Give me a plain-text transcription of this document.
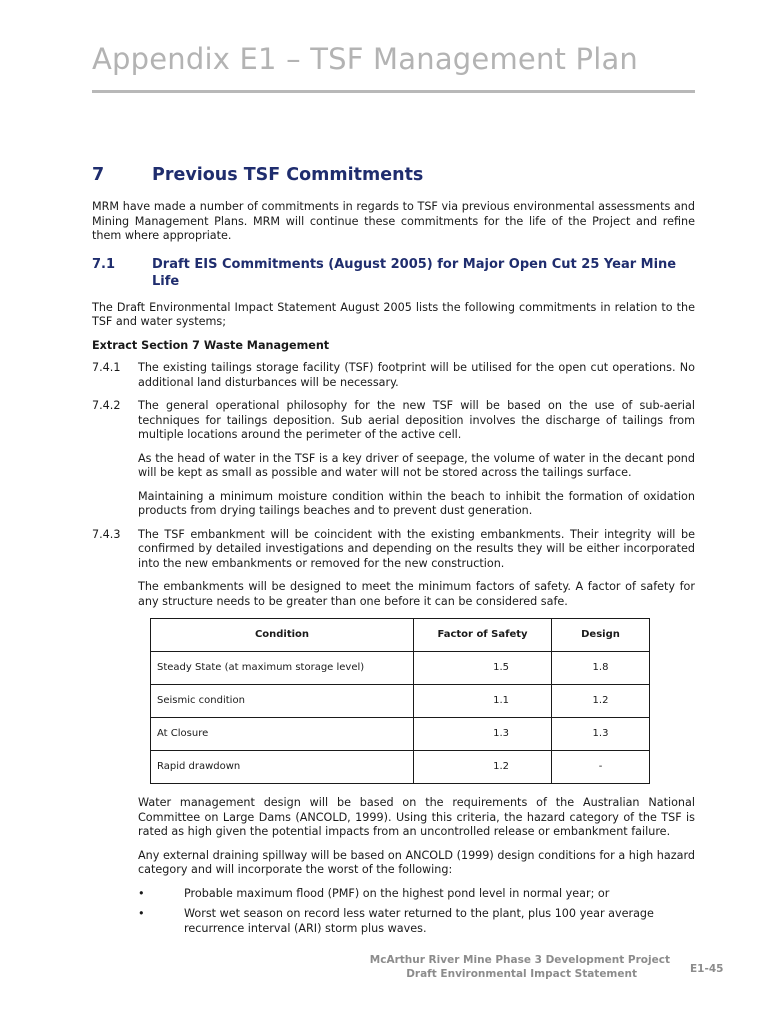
Appendix E1 – TSF Management Plan
7	Previous TSF Commitments

MRM have made a number of commitments in regards to TSF via previous environmental assessments and Mining Management Plans. MRM will continue these commitments for the life of the Project and refine them where appropriate.

7.1	Draft EIS Commitments (August 2005) for Major Open Cut 25 Year Mine Life

The Draft Environmental Impact Statement August 2005 lists the following commitments in relation to the TSF and water systems;

Extract Section 7 Waste Management
7.4.1	The existing tailings storage facility (TSF) footprint will be utilised for the open cut operations. No additional land disturbances will be necessary.

7.4.2	The general operational philosophy for the new TSF will be based on the use of sub-aerial techniques for tailings deposition. Sub aerial deposition involves the discharge of tailings from multiple locations around the perimeter of the active cell.

As the head of water in the TSF is a key driver of seepage, the volume of water in the decant pond will be kept as small as possible and water will not be stored across the tailings surface.

Maintaining a minimum moisture condition within the beach to inhibit the formation of oxidation products from drying tailings beaches and to prevent dust generation.

7.4.3	The TSF embankment will be coincident with the existing embankments. Their integrity will be confirmed by detailed investigations and depending on the results they will be either incorporated into the new embankments or removed for the new construction.

The embankments will be designed to meet the minimum factors of safety. A factor of safety for any structure needs to be greater than one before it can be considered safe.

Condition	Factor of Safety	Design
Steady State (at maximum storage level)	1.5	1.8
Seismic condition	1.1	1.2
At Closure	1.3	1.3
Rapid drawdown	1.2	-

Water management design will be based on the requirements of the Australian National Committee on Large Dams (ANCOLD, 1999). Using this criteria, the hazard category of the TSF is rated as high given the potential impacts from an uncontrolled release or embankment failure.

Any external draining spillway will be based on ANCOLD (1999) design conditions for a high hazard category and will incorporate the worst of the following:

•	Probable maximum flood (PMF) on the highest pond level in normal year; or
•	Worst wet season on record less water returned to the plant, plus 100 year average recurrence interval (ARI) storm plus waves.
McArthur River Mine Phase 3 Development Project
Draft Environmental Impact Statement	E1-45
